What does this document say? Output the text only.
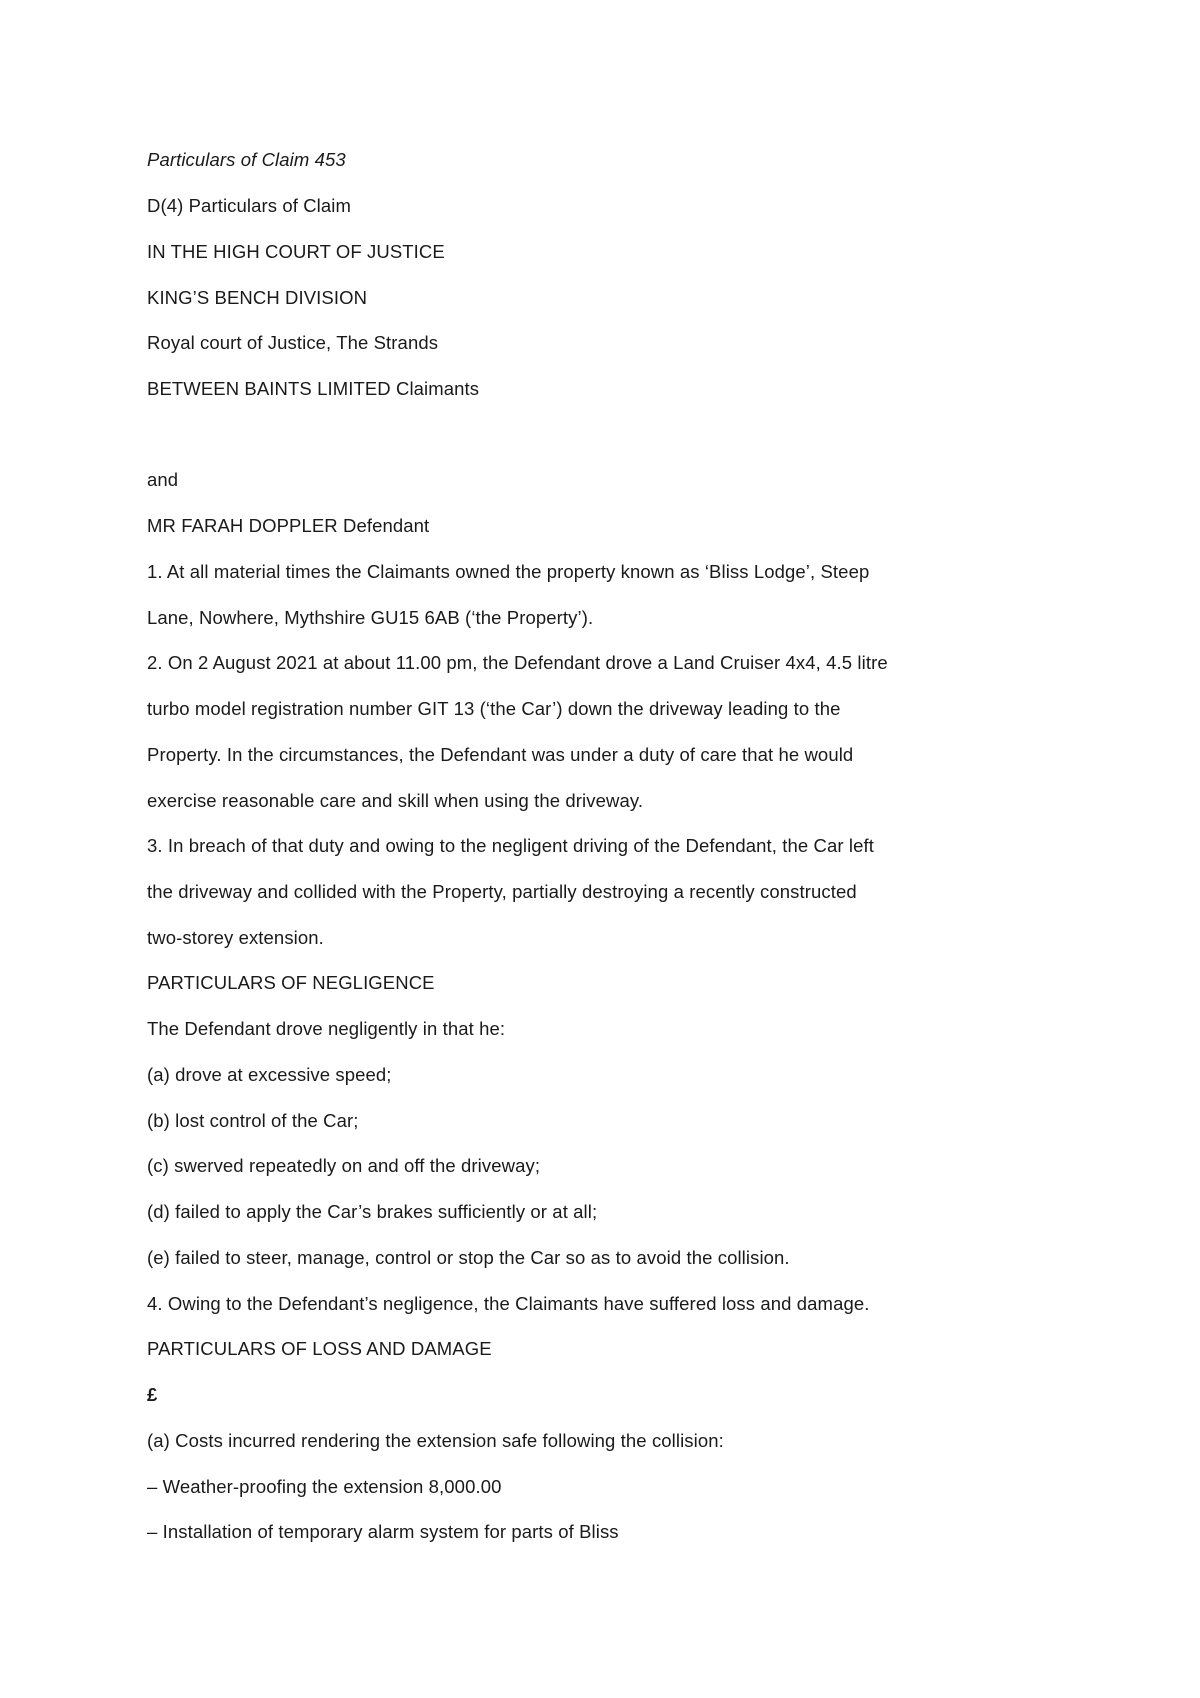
Particulars of Claim 453
D(4) Particulars of Claim
IN THE HIGH COURT OF JUSTICE
KING’S BENCH DIVISION
Royal court of Justice, The Strands
BETWEEN BAINTS LIMITED Claimants
and
MR FARAH DOPPLER Defendant
1. At all material times the Claimants owned the property known as ‘Bliss Lodge’, Steep
Lane, Nowhere, Mythshire GU15 6AB (‘the Property’).
2. On 2 August 2021 at about 11.00 pm, the Defendant drove a Land Cruiser 4x4, 4.5 litre
turbo model registration number GIT 13 (‘the Car’) down the driveway leading to the
Property. In the circumstances, the Defendant was under a duty of care that he would
exercise reasonable care and skill when using the driveway.
3. In breach of that duty and owing to the negligent driving of the Defendant, the Car left
the driveway and collided with the Property, partially destroying a recently constructed
two-storey extension.
PARTICULARS OF NEGLIGENCE
The Defendant drove negligently in that he:
(a) drove at excessive speed;
(b) lost control of the Car;
(c) swerved repeatedly on and off the driveway;
(d) failed to apply the Car’s brakes sufficiently or at all;
(e) failed to steer, manage, control or stop the Car so as to avoid the collision.
4. Owing to the Defendant’s negligence, the Claimants have suffered loss and damage.
PARTICULARS OF LOSS AND DAMAGE
£
(a) Costs incurred rendering the extension safe following the collision:
– Weather-proofing the extension 8,000.00
– Installation of temporary alarm system for parts of Bliss
